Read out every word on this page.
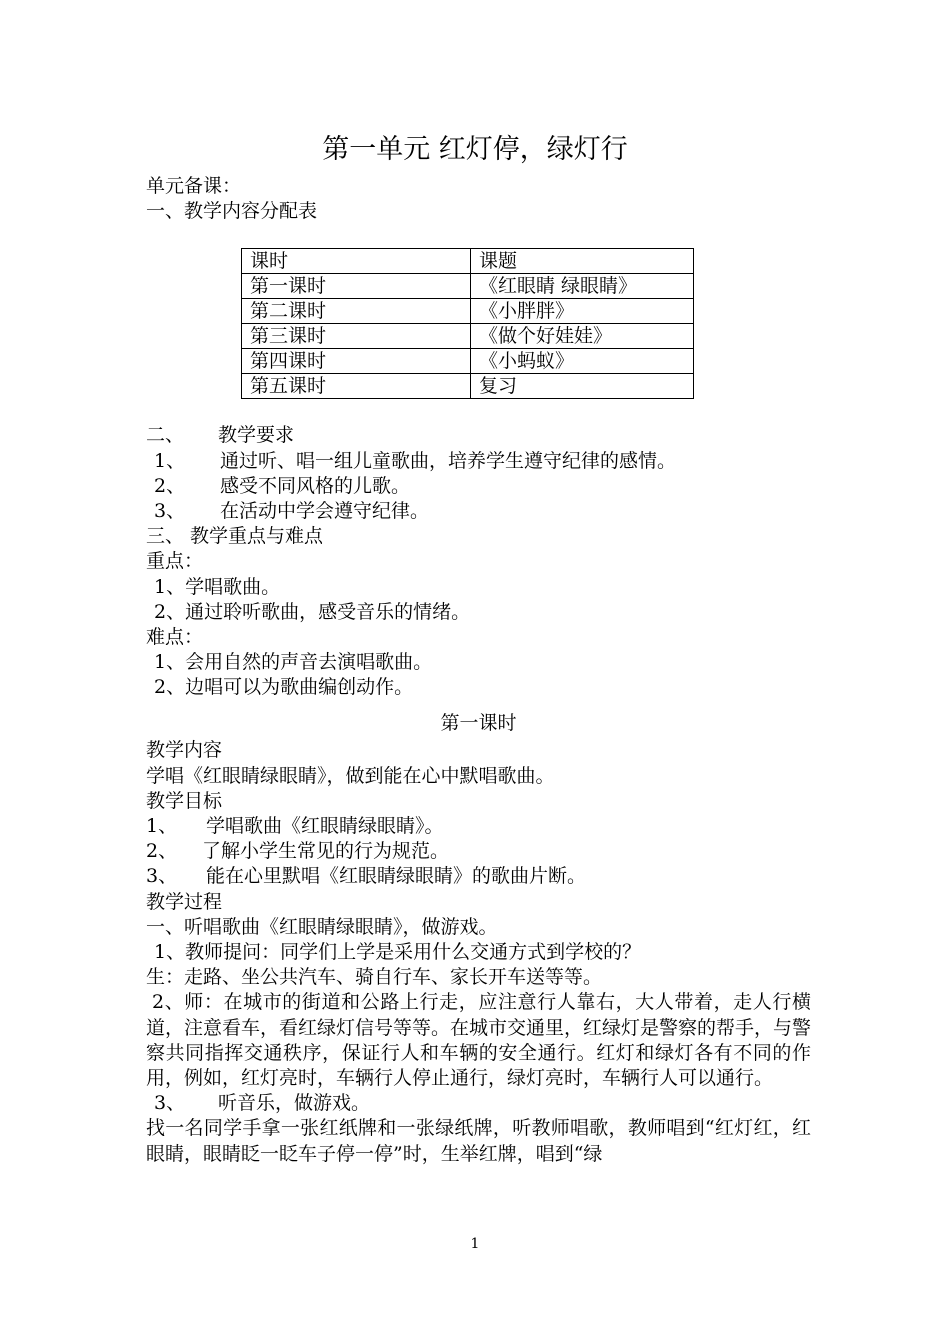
第一单元 红灯停，绿灯行
单元备课：
一、教学内容分配表
课时	课题
第一课时	《红眼睛 绿眼睛》
第二课时	《小胖胖》
第三课时	《做个好娃娃》
第四课时	《小蚂蚁》
第五课时	复习
二、 教学要求
1、 通过听、唱一组儿童歌曲，培养学生遵守纪律的感情。
2、 感受不同风格的儿歌。
3、 在活动中学会遵守纪律。
三、 教学重点与难点
重点：
1、学唱歌曲。
2、通过聆听歌曲，感受音乐的情绪。
难点：
1、会用自然的声音去演唱歌曲。
2、边唱可以为歌曲编创动作。
第一课时
教学内容
学唱《红眼睛绿眼睛》，做到能在心中默唱歌曲。
教学目标
1、 学唱歌曲《红眼睛绿眼睛》。
2、 了解小学生常见的行为规范。
3、 能在心里默唱《红眼睛绿眼睛》的歌曲片断。
教学过程
一、听唱歌曲《红眼睛绿眼睛》，做游戏。
1、教师提问：同学们上学是采用什么交通方式到学校的？
生：走路、坐公共汽车、骑自行车、家长开车送等等。
2、师：在城市的街道和公路上行走，应注意行人靠右，大人带着，走人行横道，注意看车，看红绿灯信号等等。在城市交通里，红绿灯是警察的帮手，与警察共同指挥交通秩序，保证行人和车辆的安全通行。红灯和绿灯各有不同的作用，例如，红灯亮时，车辆行人停止通行，绿灯亮时，车辆行人可以通行。
3、 听音乐，做游戏。
找一名同学手拿一张红纸牌和一张绿纸牌，听教师唱歌，教师唱到“红灯红，红眼睛，眼睛眨一眨车子停一停”时，生举红牌，唱到“绿
1
